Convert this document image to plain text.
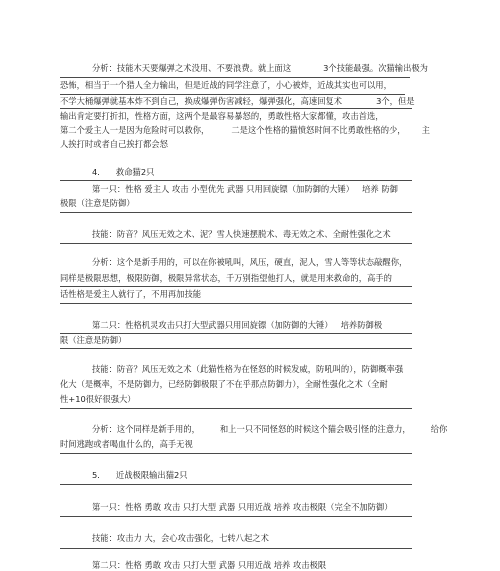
分析：技能木天要爆弹之术没用、不要浪费。就上面这	3个技能最强。次猫输出极为
恐怖，相当于一个猎人全力输出，但是近战的同学注意了，小心被炸，近战其实也可以用，
不学大桶爆弹就基本炸不到自己，换成爆弹伤害减轻，爆弹强化，高速回复术	3个，但是
输出肯定要打折扣，性格方面，这两个是最容易暴怒的，勇敢性格大家都懂，攻击首选，
第二个爱主人一是因为危险时可以救你，	二是这个性格的猫愤怒时间不比勇敢性格的少， 主
人挨打时或者自己挨打都会怒
4. 救命猫2只
第一只：性格 爱主人 攻击 小型优先 武器 只用回旋镖（加防御的大锤） 培养 防御
极限（注意是防御）
技能：防音？风压无效之术、泥？雪人快速摆脱术、毒无效之术、全耐性强化之术
分析：这个是新手用的，可以在你被吼叫，风压，硬直，泥人，雪人等等状态敲醒你，
同样是极限思想，极限防御，极限异常状态，千万别指望他打人，就是用来救命的，高手的
话性格是爱主人就行了，不用再加技能
第二只：性格机灵攻击只打大型武器只用回旋镖（加防御的大锤） 培养防御极
限（注意是防御）
技能：防音？风压无效之术（此猫性格为在怪怒的时候发威，防吼叫的），防御概率强
化大（是概率，不是防御力，已经防御极限了不在乎那点防御力），全耐性强化之术（全耐
性+10很好很强大）
分析：这个同样是新手用的， 和上一只不同怪怒的时候这个猫会吸引怪的注意力， 给你
时间逃跑或者喝血什么的，高手无视
5. 近战极限输出猫2只
第一只：性格 勇敢 攻击 只打大型 武器 只用近战 培养 攻击极限（完全不加防御）
技能：攻击力 大，会心攻击强化，七转八起之术
第二只：性格 勇敢 攻击 只打大型 武器 只用近战 培养 攻击极限
